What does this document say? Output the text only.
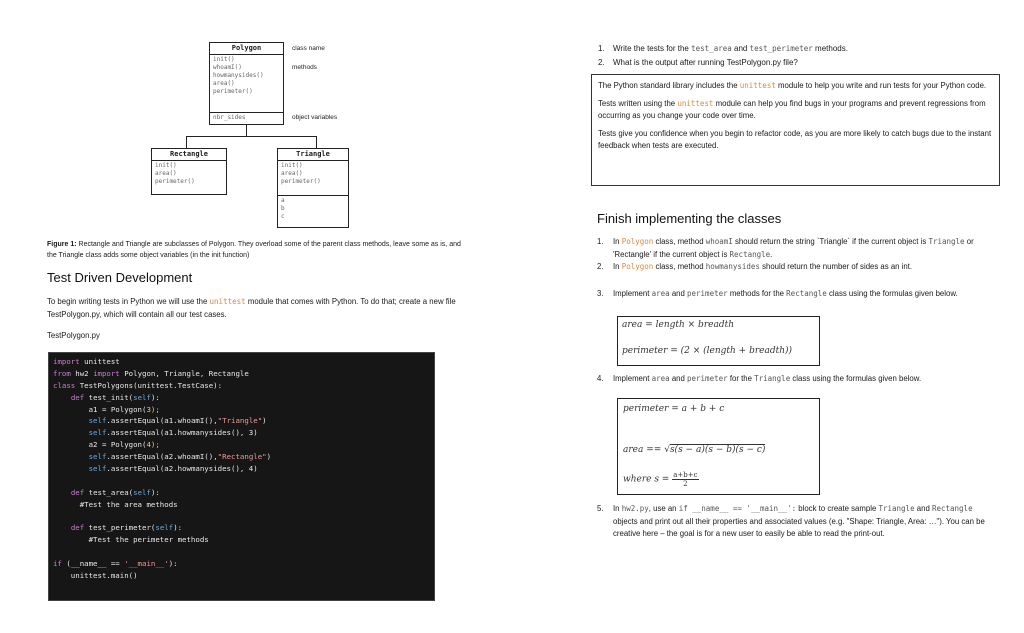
Polygon
init()
whoamI()
howmanysides()
area()
perimeter()
nbr_sides
class name
methods
object variables
Rectangle
init()
area()
perimeter()
Triangle
init()
area()
perimeter()
a
b
c
Figure 1: Rectangle and Triangle are subclasses of Polygon. They overload some of the parent class methods, leave some as is, and the Triangle class adds some object variables (in the init function)
Test Driven Development
To begin writing tests in Python we will use the unittest module that comes with Python. To do that; create a new file TestPolygon.py, which will contain all our test cases.
TestPolygon.py
import unittest
from hw2 import Polygon, Triangle, Rectangle
class TestPolygons(unittest.TestCase):
def test_init(self):
a1 = Polygon(3);
self.assertEqual(a1.whoamI(),"Triangle")
self.assertEqual(a1.howmanysides(), 3)
a2 = Polygon(4);
self.assertEqual(a2.whoamI(),"Rectangle")
self.assertEqual(a2.howmanysides(), 4)
def test_area(self):
#Test the area methods
def test_perimeter(self):
#Test the perimeter methods
if (__name__ == '__main__'):
unittest.main()
1.	Write the tests for the test_area and test_perimeter methods.
2.	What is the output after running TestPolygon.py file?

The Python standard library includes the unittest module to help you write and run tests for your Python code.

Tests written using the unittest module can help you find bugs in your programs and prevent regressions from occurring as you change your code over time.

Tests give you confidence when you begin to refactor code, as you are more likely to catch bugs due to the instant feedback when tests are executed.

Finish implementing the classes
1.	In Polygon class, method whoamI should return the string `Triangle` if the current object is Triangle or 'Rectangle' if the current object is Rectangle.
2.	In Polygon class, method howmanysides should return the number of sides as an int.
3.	Implement area and perimeter methods for the Rectangle class using the formulas given below.
area = length × breadth
perimeter = (2 × (length + breadth))
4.	Implement area and perimeter for the Triangle class using the formulas given below.
perimeter = a + b + c
area == √s(s − a)(s − b)(s − c)
where $s = \frac{a+b+c}{2}$
5.	In hw2.py, use an if __name__ == '__main__': block to create sample Triangle and Rectangle objects and print out all their properties and associated values (e.g. "Shape: Triangle, Area: …"). You can be creative here – the goal is for a new user to easily be able to read the print-out.
